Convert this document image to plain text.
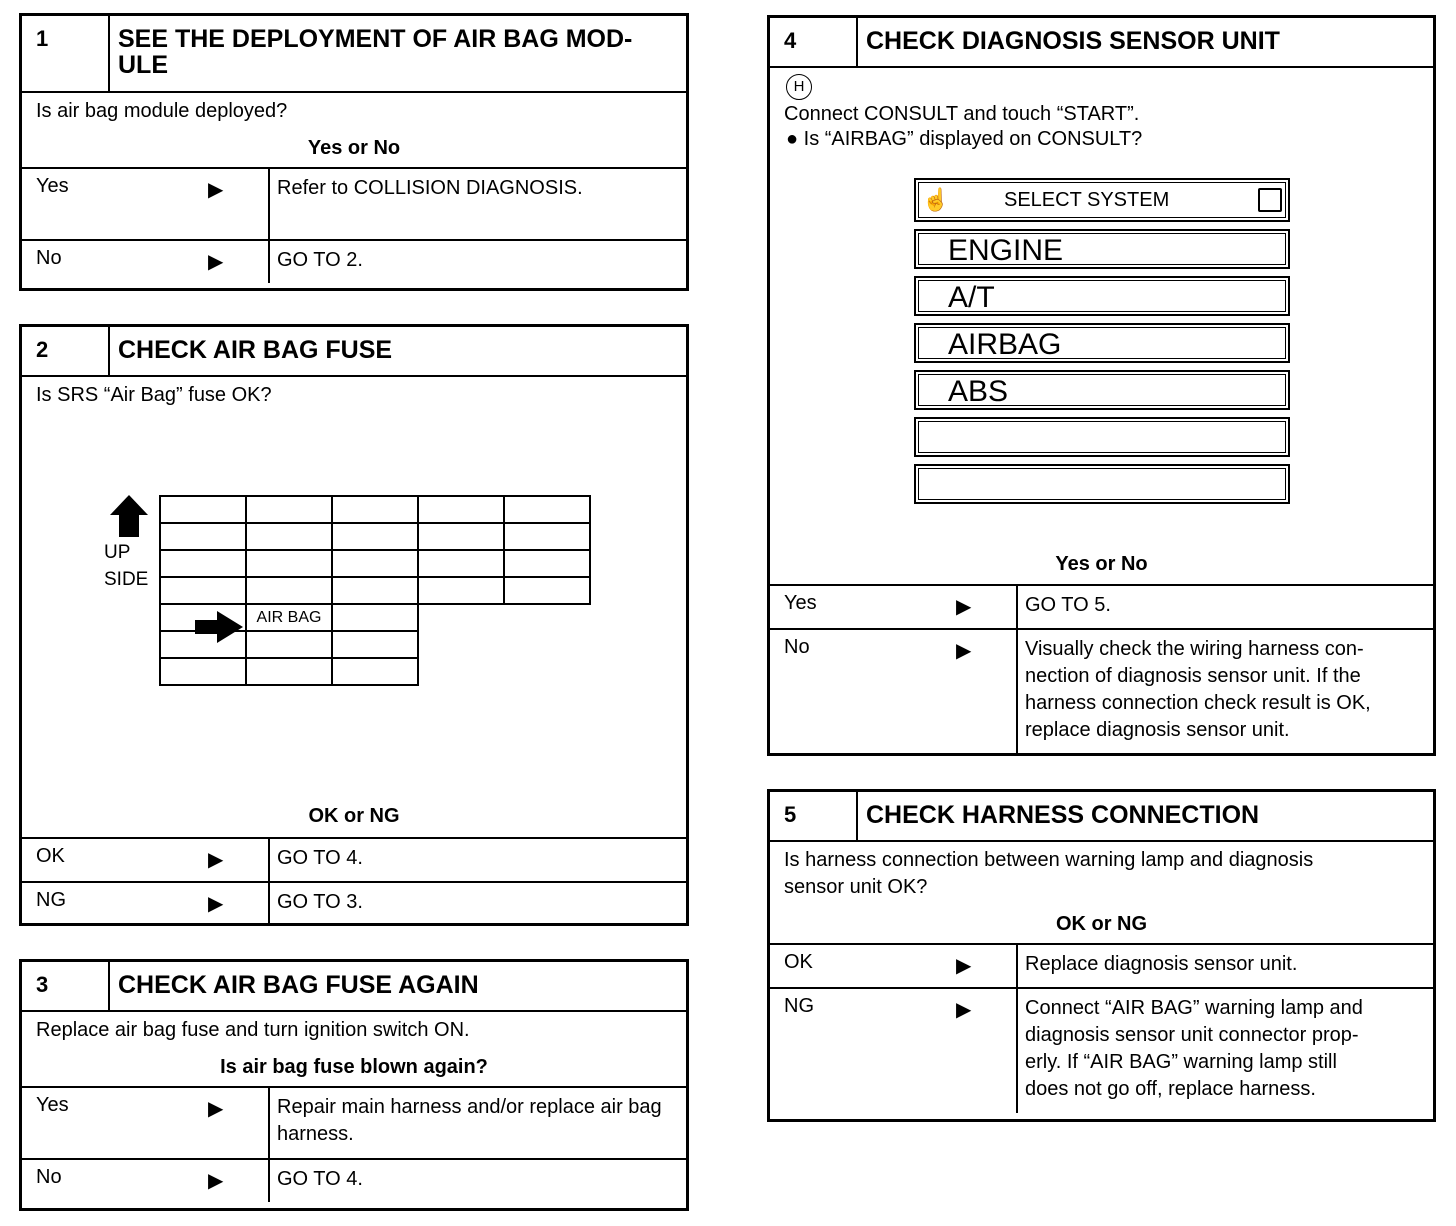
1	SEE THE DEPLOYMENT OF AIR BAG MOD-
ULE
Is air bag module deployed?
Yes or No
Yes	▶	Refer to COLLISION DIAGNOSIS.
No	▶	GO TO 2.
2	CHECK AIR BAG FUSE
Is SRS “Air Bag” fuse OK?
UP
SIDE

	AIR BAG			

OK or NG
OK	▶	GO TO 4.
NG	▶	GO TO 3.
3	CHECK AIR BAG FUSE AGAIN
Replace air bag fuse and turn ignition switch ON.
Is air bag fuse blown again?
Yes	▶	Repair main harness and/or replace air bag harness.
No	▶	GO TO 4.
4	CHECK DIAGNOSIS SENSOR UNIT
H
Connect CONSULT and touch “START”.
● Is “AIRBAG” displayed on CONSULT?
☝	SELECT SYSTEM
ENGINE
A/T
AIRBAG
ABS
Yes or No
Yes	▶	GO TO 5.
No	▶	Visually check the wiring harness con-
nection of diagnosis sensor unit. If the
harness connection check result is OK,
replace diagnosis sensor unit.
5	CHECK HARNESS CONNECTION
Is harness connection between warning lamp and diagnosis
sensor unit OK?
OK or NG
OK	▶	Replace diagnosis sensor unit.
NG	▶	Connect “AIR BAG” warning lamp and
diagnosis sensor unit connector prop-
erly. If “AIR BAG” warning lamp still
does not go off, replace harness.
